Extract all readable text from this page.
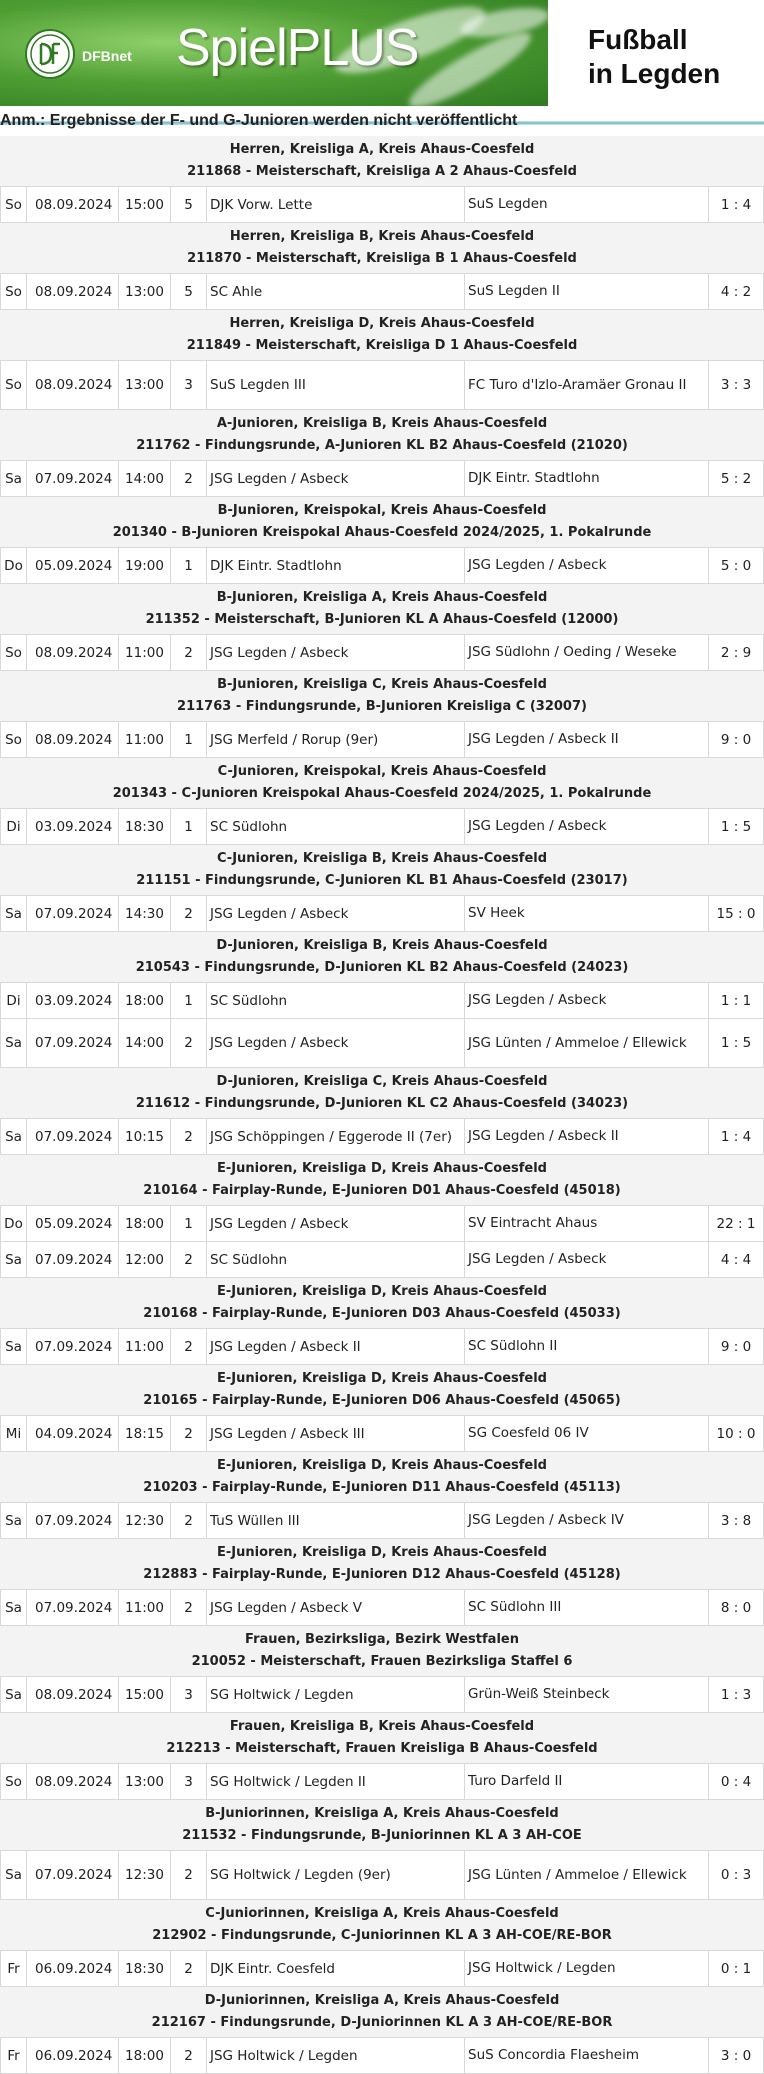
DFBnet SpielPLUS	Fußball
in Legden
Anm.: Ergebnisse der F- und G-Junioren werden nicht veröffentlicht
Herren, Kreisliga A, Kreis Ahaus-Coesfeld
211868 - Meisterschaft, Kreisliga A 2 Ahaus-Coesfeld
So 08.09.2024 15:00	5	DJK Vorw. Lette	SuS Legden	1 : 4
Herren, Kreisliga B, Kreis Ahaus-Coesfeld
211870 - Meisterschaft, Kreisliga B 1 Ahaus-Coesfeld
So 08.09.2024 13:00	5	SC Ahle	SuS Legden II	4 : 2
Herren, Kreisliga D, Kreis Ahaus-Coesfeld
211849 - Meisterschaft, Kreisliga D 1 Ahaus-Coesfeld
So 08.09.2024 13:00	3	SuS Legden III	FC Turo d'Izlo-Aramäer Gronau II	3 : 3
A-Junioren, Kreisliga B, Kreis Ahaus-Coesfeld
211762 - Findungsrunde, A-Junioren KL B2 Ahaus-Coesfeld (21020)
Sa 07.09.2024 14:00	2	JSG Legden / Asbeck	DJK Eintr. Stadtlohn	5 : 2
B-Junioren, Kreispokal, Kreis Ahaus-Coesfeld
201340 - B-Junioren Kreispokal Ahaus-Coesfeld 2024/2025, 1. Pokalrunde
Do 05.09.2024 19:00	1	DJK Eintr. Stadtlohn	JSG Legden / Asbeck	5 : 0
B-Junioren, Kreisliga A, Kreis Ahaus-Coesfeld
211352 - Meisterschaft, B-Junioren KL A Ahaus-Coesfeld (12000)
So 08.09.2024 11:00	2	JSG Legden / Asbeck	JSG Südlohn / Oeding / Weseke	2 : 9
B-Junioren, Kreisliga C, Kreis Ahaus-Coesfeld
211763 - Findungsrunde, B-Junioren Kreisliga C (32007)
So 08.09.2024 11:00	1	JSG Merfeld / Rorup (9er)	JSG Legden / Asbeck II	9 : 0
C-Junioren, Kreispokal, Kreis Ahaus-Coesfeld
201343 - C-Junioren Kreispokal Ahaus-Coesfeld 2024/2025, 1. Pokalrunde
Di	03.09.2024 18:30	1	SC Südlohn	JSG Legden / Asbeck	1 : 5
C-Junioren, Kreisliga B, Kreis Ahaus-Coesfeld
211151 - Findungsrunde, C-Junioren KL B1 Ahaus-Coesfeld (23017)
Sa 07.09.2024 14:30	2	JSG Legden / Asbeck	SV Heek	15 : 0
D-Junioren, Kreisliga B, Kreis Ahaus-Coesfeld
210543 - Findungsrunde, D-Junioren KL B2 Ahaus-Coesfeld (24023)
Di	03.09.2024 18:00	1	SC Südlohn	JSG Legden / Asbeck	1 : 1
Sa 07.09.2024 14:00	2	JSG Legden / Asbeck	JSG Lünten / Ammeloe / Ellewick	1 : 5
D-Junioren, Kreisliga C, Kreis Ahaus-Coesfeld
211612 - Findungsrunde, D-Junioren KL C2 Ahaus-Coesfeld (34023)
Sa 07.09.2024 10:15	2	JSG Schöppingen / Eggerode II (7er)	JSG Legden / Asbeck II	1 : 4
E-Junioren, Kreisliga D, Kreis Ahaus-Coesfeld
210164 - Fairplay-Runde, E-Junioren D01 Ahaus-Coesfeld (45018)
Do 05.09.2024 18:00	1	JSG Legden / Asbeck	SV Eintracht Ahaus	22 : 1
Sa 07.09.2024 12:00	2	SC Südlohn	JSG Legden / Asbeck	4 : 4
E-Junioren, Kreisliga D, Kreis Ahaus-Coesfeld
210168 - Fairplay-Runde, E-Junioren D03 Ahaus-Coesfeld (45033)
Sa 07.09.2024 11:00	2	JSG Legden / Asbeck II	SC Südlohn II	9 : 0
E-Junioren, Kreisliga D, Kreis Ahaus-Coesfeld
210165 - Fairplay-Runde, E-Junioren D06 Ahaus-Coesfeld (45065)
Mi	04.09.2024 18:15	2	JSG Legden / Asbeck III	SG Coesfeld 06 IV	10 : 0
E-Junioren, Kreisliga D, Kreis Ahaus-Coesfeld
210203 - Fairplay-Runde, E-Junioren D11 Ahaus-Coesfeld (45113)
Sa 07.09.2024 12:30	2	TuS Wüllen III	JSG Legden / Asbeck IV	3 : 8
E-Junioren, Kreisliga D, Kreis Ahaus-Coesfeld
212883 - Fairplay-Runde, E-Junioren D12 Ahaus-Coesfeld (45128)
Sa 07.09.2024 11:00	2	JSG Legden / Asbeck V	SC Südlohn III	8 : 0
Frauen, Bezirksliga, Bezirk Westfalen
210052 - Meisterschaft, Frauen Bezirksliga Staffel 6
Sa 08.09.2024 15:00	3	SG Holtwick / Legden	Grün-Weiß Steinbeck	1 : 3
Frauen, Kreisliga B, Kreis Ahaus-Coesfeld
212213 - Meisterschaft, Frauen Kreisliga B Ahaus-Coesfeld
So 08.09.2024 13:00	3	SG Holtwick / Legden II	Turo Darfeld II	0 : 4
B-Juniorinnen, Kreisliga A, Kreis Ahaus-Coesfeld
211532 - Findungsrunde, B-Juniorinnen KL A 3 AH-COE
Sa 07.09.2024 12:30	2	SG Holtwick / Legden (9er)	JSG Lünten / Ammeloe / Ellewick	0 : 3
C-Juniorinnen, Kreisliga A, Kreis Ahaus-Coesfeld
212902 - Findungsrunde, C-Juniorinnen KL A 3 AH-COE/RE-BOR
Fr	06.09.2024 18:30	2	DJK Eintr. Coesfeld	JSG Holtwick / Legden	0 : 1
D-Juniorinnen, Kreisliga A, Kreis Ahaus-Coesfeld
212167 - Findungsrunde, D-Juniorinnen KL A 3 AH-COE/RE-BOR
Fr	06.09.2024 18:00	2	JSG Holtwick / Legden	SuS Concordia Flaesheim	3 : 0
